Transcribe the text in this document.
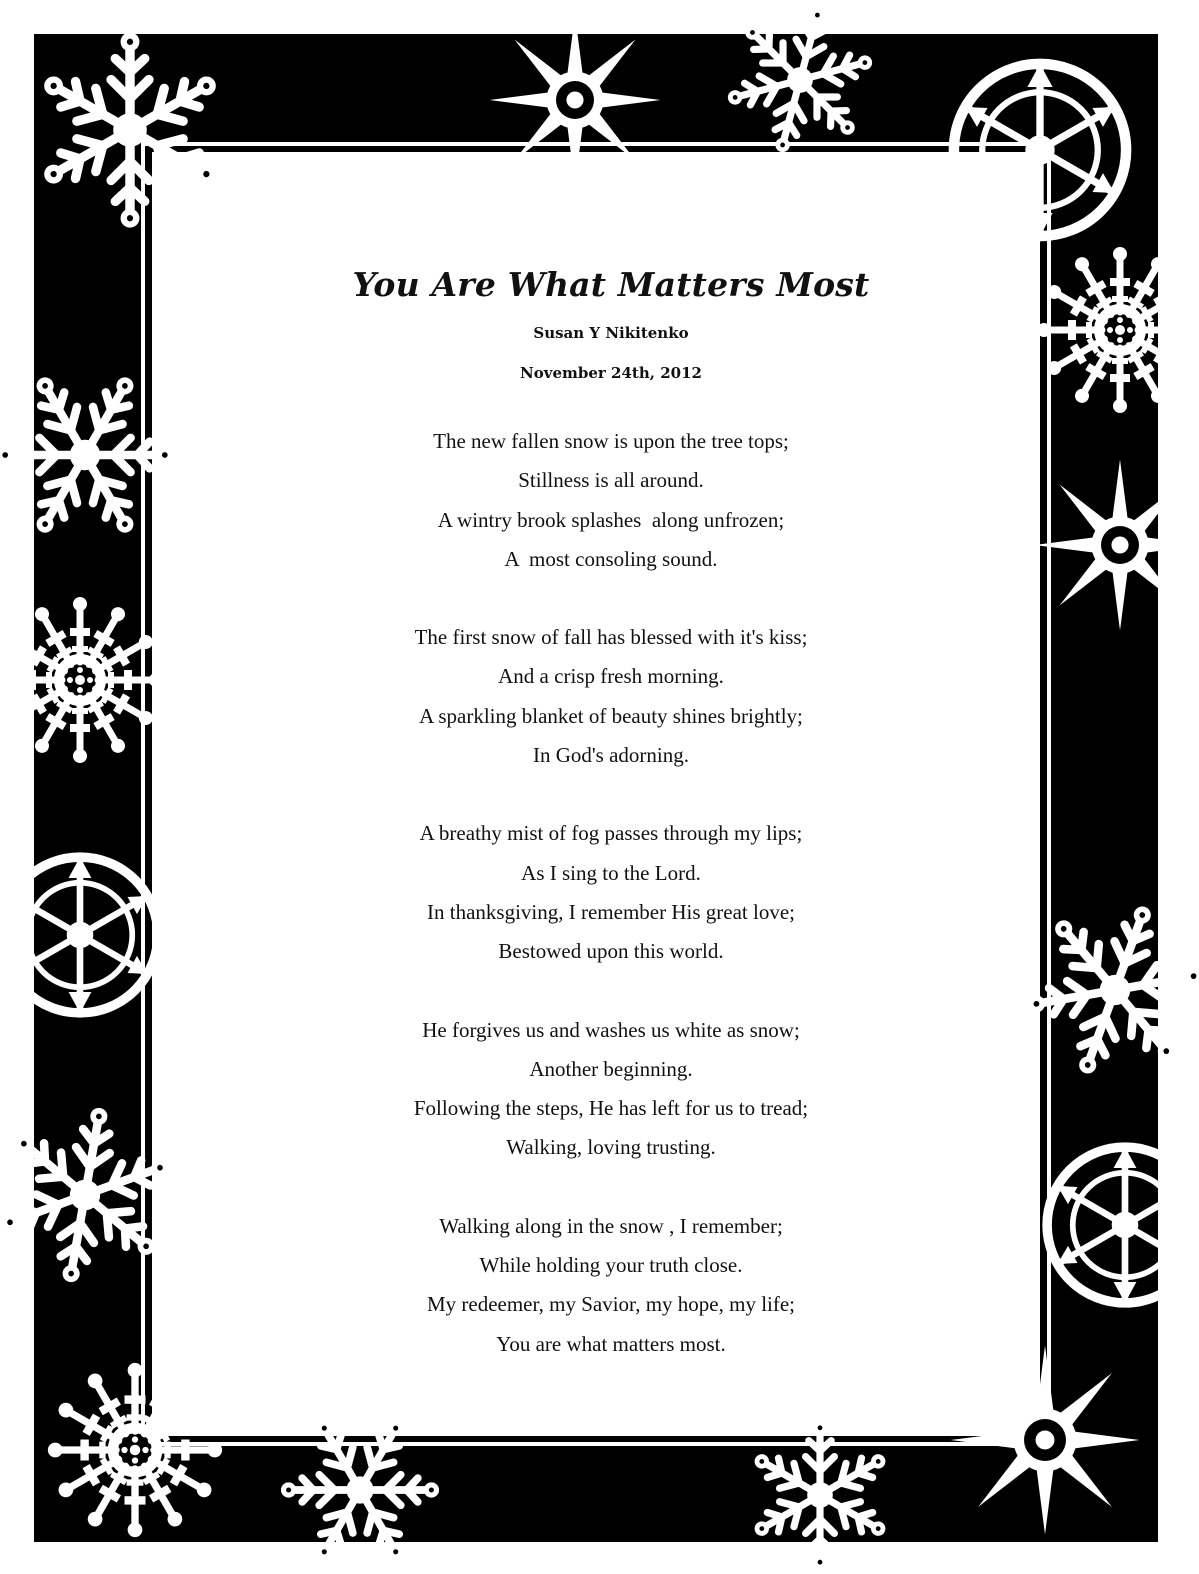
You Are What Matters Most

Susan Y Nikitenko

November 24th, 2012

The new fallen snow is upon the tree tops;
Stillness is all around.
A wintry brook splashes  along unfrozen;
A  most consoling sound.
The first snow of fall has blessed with it's kiss;
And a crisp fresh morning.
A sparkling blanket of beauty shines brightly;
In God's adorning.
A breathy mist of fog passes through my lips;
As I sing to the Lord.
In thanksgiving, I remember His great love;
Bestowed upon this world.
He forgives us and washes us white as snow;
Another beginning.
Following the steps, He has left for us to tread;
Walking, loving trusting.
Walking along in the snow , I remember;
While holding your truth close.
My redeemer, my Savior, my hope, my life;
You are what matters most.
